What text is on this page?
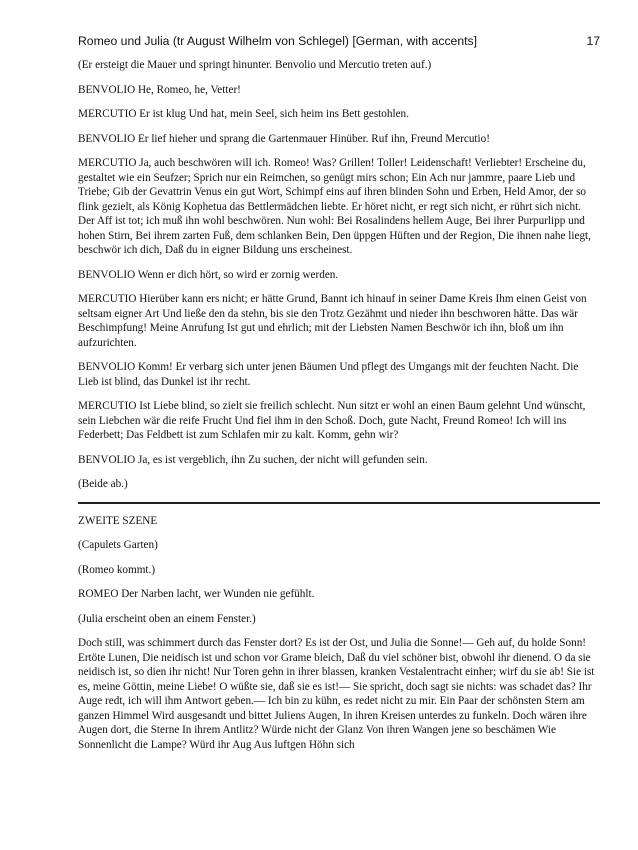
Romeo und Julia (tr August Wilhelm von Schlegel) [German, with accents]	17

(Er ersteigt die Mauer und springt hinunter. Benvolio und Mercutio treten auf.)

BENVOLIO He, Romeo, he, Vetter!

MERCUTIO Er ist klug Und hat, mein Seel, sich heim ins Bett gestohlen.

BENVOLIO Er lief hieher und sprang die Gartenmauer Hinüber. Ruf ihn, Freund Mercutio!

MERCUTIO Ja, auch beschwören will ich. Romeo! Was? Grillen! Toller! Leidenschaft! Verliebter! Erscheine du, gestaltet wie ein Seufzer; Sprich nur ein Reimchen, so genügt mirs schon; Ein Ach nur jammre, paare Lieb und Triebe; Gib der Gevattrin Venus ein gut Wort, Schimpf eins auf ihren blinden Sohn und Erben, Held Amor, der so flink gezielt, als König Kophetua das Bettlermädchen liebte. Er höret nicht, er regt sich nicht, er rührt sich nicht. Der Aff ist tot; ich muß ihn wohl beschwören. Nun wohl: Bei Rosalindens hellem Auge, Bei ihrer Purpurlipp und hohen Stirn, Bei ihrem zarten Fuß, dem schlanken Bein, Den üppgen Hüften und der Region, Die ihnen nahe liegt, beschwör ich dich, Daß du in eigner Bildung uns erscheinest.

BENVOLIO Wenn er dich hört, so wird er zornig werden.

MERCUTIO Hierüber kann ers nicht; er hätte Grund, Bannt ich hinauf in seiner Dame Kreis Ihm einen Geist von seltsam eigner Art Und ließe den da stehn, bis sie den Trotz Gezähmt und nieder ihn beschworen hätte. Das wär Beschimpfung! Meine Anrufung Ist gut und ehrlich; mit der Liebsten Namen Beschwör ich ihn, bloß um ihn aufzurichten.

BENVOLIO Komm! Er verbarg sich unter jenen Bäumen Und pflegt des Umgangs mit der feuchten Nacht. Die Lieb ist blind, das Dunkel ist ihr recht.

MERCUTIO Ist Liebe blind, so zielt sie freilich schlecht. Nun sitzt er wohl an einen Baum gelehnt Und wünscht, sein Liebchen wär die reife Frucht Und fiel ihm in den Schoß. Doch, gute Nacht, Freund Romeo! Ich will ins Federbett; Das Feldbett ist zum Schlafen mir zu kalt. Komm, gehn wir?

BENVOLIO Ja, es ist vergeblich, ihn Zu suchen, der nicht will gefunden sein.

(Beide ab.)

ZWEITE SZENE

(Capulets Garten)

(Romeo kommt.)

ROMEO Der Narben lacht, wer Wunden nie gefühlt.

(Julia erscheint oben an einem Fenster.)

Doch still, was schimmert durch das Fenster dort? Es ist der Ost, und Julia die Sonne!–– Geh auf, du holde Sonn! Ertöte Lunen, Die neidisch ist und schon vor Grame bleich, Daß du viel schöner bist, obwohl ihr dienend. O da sie neidisch ist, so dien ihr nicht! Nur Toren gehn in ihrer blassen, kranken Vestalentracht einher; wirf du sie ab! Sie ist es, meine Göttin, meine Liebe! O wüßte sie, daß sie es ist!— Sie spricht, doch sagt sie nichts: was schadet das? Ihr Auge redt, ich will ihm Antwort geben.–– Ich bin zu kühn, es redet nicht zu mir. Ein Paar der schönsten Stern am ganzen Himmel Wird ausgesandt und bittet Juliens Augen, In ihren Kreisen unterdes zu funkeln. Doch wären ihre Augen dort, die Sterne In ihrem Antlitz? Würde nicht der Glanz Von ihren Wangen jene so beschämen Wie Sonnenlicht die Lampe? Würd ihr Aug Aus luftgen Höhn sich
